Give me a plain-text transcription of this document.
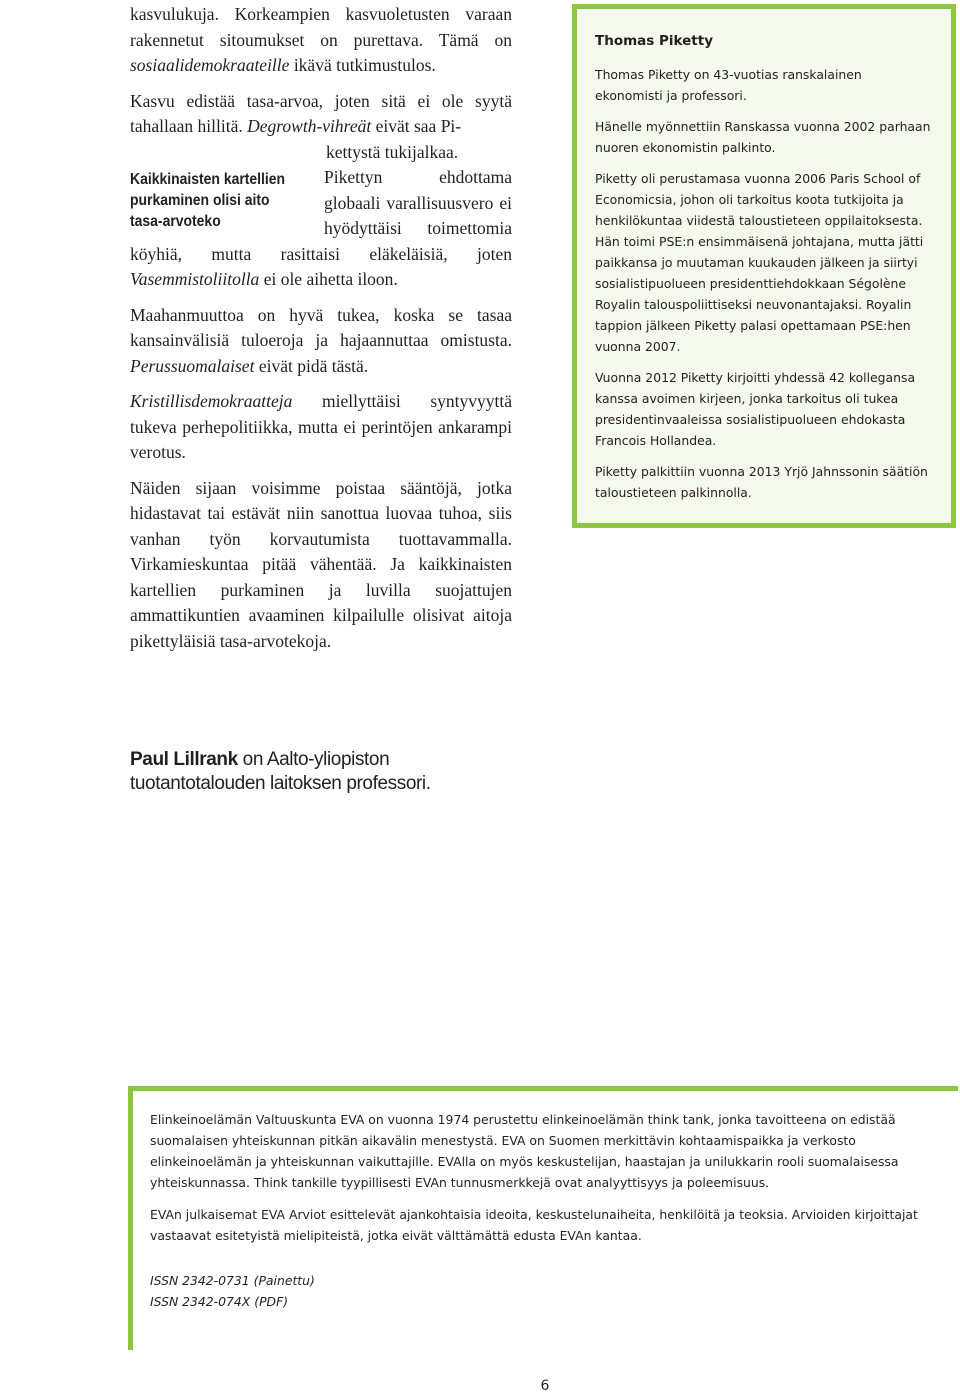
kasvulukuja. Korkeampien kasvuoletusten varaan rakennetut sitoumukset on purettava. Tämä on sosiaalidemokraateille ikävä tutkimustulos.

Kasvu edistää tasa-arvoa, joten sitä ei ole syytä tahallaan hillitä. Degrowth-vihreät eivät saa Pi-
kettystä tukijalkaa.

Kaikkinaisten kartellien purkaminen olisi aito tasa-arvoteko

Pikettyn ehdottama globaali varallisuusvero ei hyödyttäisi toimettomia köyhiä, mutta rasittaisi eläkeläisiä, joten Vasemmistoliitolla ei ole aihetta iloon.

Maahanmuuttoa on hyvä tukea, koska se tasaa kansainvälisiä tuloeroja ja hajaannuttaa omistusta. Perussuomalaiset eivät pidä tästä.

Kristillisdemokraatteja miellyttäisi syntyvyyttä tukeva perhepolitiikka, mutta ei perintöjen ankarampi verotus.

Näiden sijaan voisimme poistaa sääntöjä, jotka hidastavat tai estävät niin sanottua luovaa tuhoa, siis vanhan työn korvautumista tuottavammalla. Virkamieskuntaa pitää vähentää. Ja kaikkinaisten kartellien purkaminen ja luvilla suojattujen ammattikuntien avaaminen kilpailulle olisivat aitoja pikettyläisiä tasa-arvotekoja.

Thomas Piketty

Thomas Piketty on 43-vuotias ranskalainen ekonomisti ja professori.

Hänelle myönnettiin Ranskassa vuonna 2002 parhaan nuoren ekonomistin palkinto.

Piketty oli perustamasa vuonna 2006 Paris School of Economicsia, johon oli tarkoitus koota tutkijoita ja henkilökuntaa viidestä taloustieteen oppilaitoksesta. Hän toimi PSE:n ensimmäisenä johtajana, mutta jätti paikkansa jo muutaman kuukauden jälkeen ja siirtyi sosialistipuolueen presidenttiehdokkaan Ségolène Royalin talouspoliittiseksi neuvonantajaksi. Royalin tappion jälkeen Piketty palasi opettamaan PSE:hen vuonna 2007.

Vuonna 2012 Piketty kirjoitti yhdessä 42 kollegansa kanssa avoimen kirjeen, jonka tarkoitus oli tukea presidentinvaaleissa sosialistipuolueen ehdokasta Francois Hollandea.

Piketty palkittiin vuonna 2013 Yrjö Jahnssonin säätiön taloustieteen palkinnolla.

Paul Lillrank on Aalto-yliopiston tuotantotalouden laitoksen professori.

Elinkeinoelämän Valtuuskunta EVA on vuonna 1974 perustettu elinkeinoelämän think tank, jonka tavoitteena on edistää suomalaisen yhteiskunnan pitkän aikavälin menestystä. EVA on Suomen merkittävin kohtaamispaikka ja verkosto elinkeinoelämän ja yhteiskunnan vaikuttajille. EVAlla on myös keskustelijan, haastajan ja unilukkarin rooli suomalaisessa yhteiskunnassa. Think tankille tyypillisesti EVAn tunnusmerkkejä ovat analyyttisyys ja poleemisuus.

EVAn julkaisemat EVA Arviot esittelevät ajankohtaisia ideoita, keskustelunaiheita, henkilöitä ja teoksia. Arvioiden kirjoittajat vastaavat esitetyistä mielipiteistä, jotka eivät välttämättä edusta EVAn kantaa.

ISSN 2342-0731 (Painettu)
ISSN 2342-074X (PDF)

6
